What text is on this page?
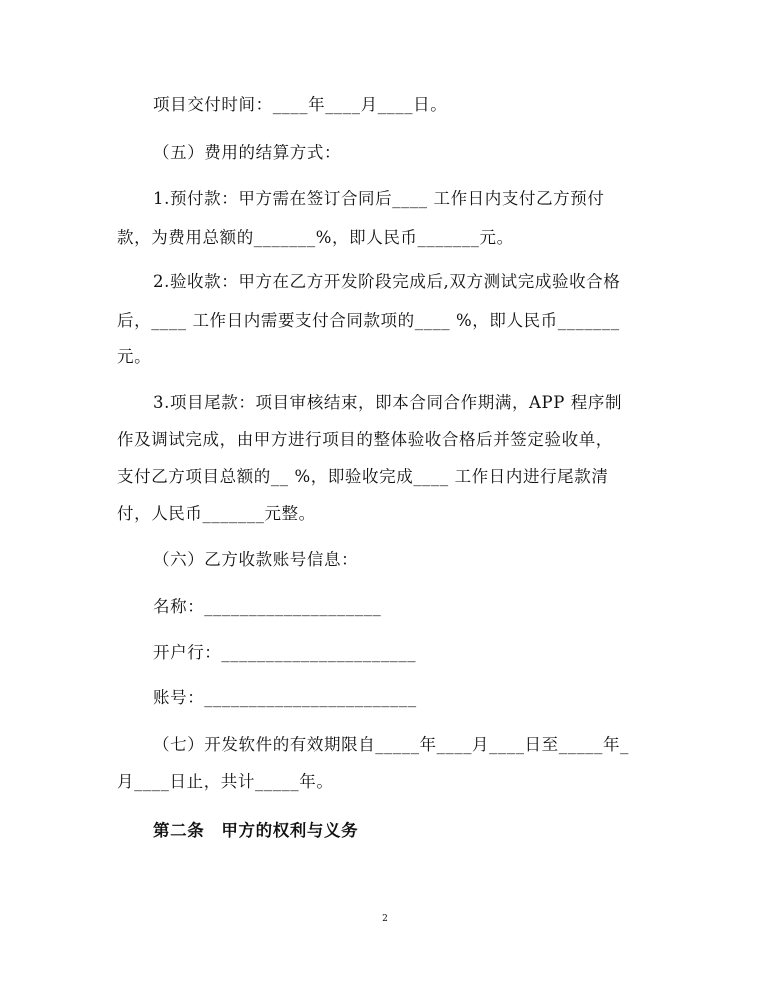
项目交付时间：____年____月____日。
（五）费用的结算方式：
1.预付款：甲方需在签订合同后____ 工作日内支付乙方预付
款，为费用总额的_______%，即人民币_______元。
2.验收款：甲方在乙方开发阶段完成后,双方测试完成验收合格
后，____ 工作日内需要支付合同款项的____ %，即人民币_______
元。
3.项目尾款：项目审核结束，即本合同合作期满，APP 程序制
作及调试完成，由甲方进行项目的整体验收合格后并签定验收单，
支付乙方项目总额的__ %，即验收完成____ 工作日内进行尾款清
付，人民币_______元整。
（六）乙方收款账号信息：
名称：____________________
开户行：______________________
账号：________________________
（七）开发软件的有效期限自_____年____月____日至_____年_
月____日止，共计_____年。
第二条　甲方的权利与义务
2
